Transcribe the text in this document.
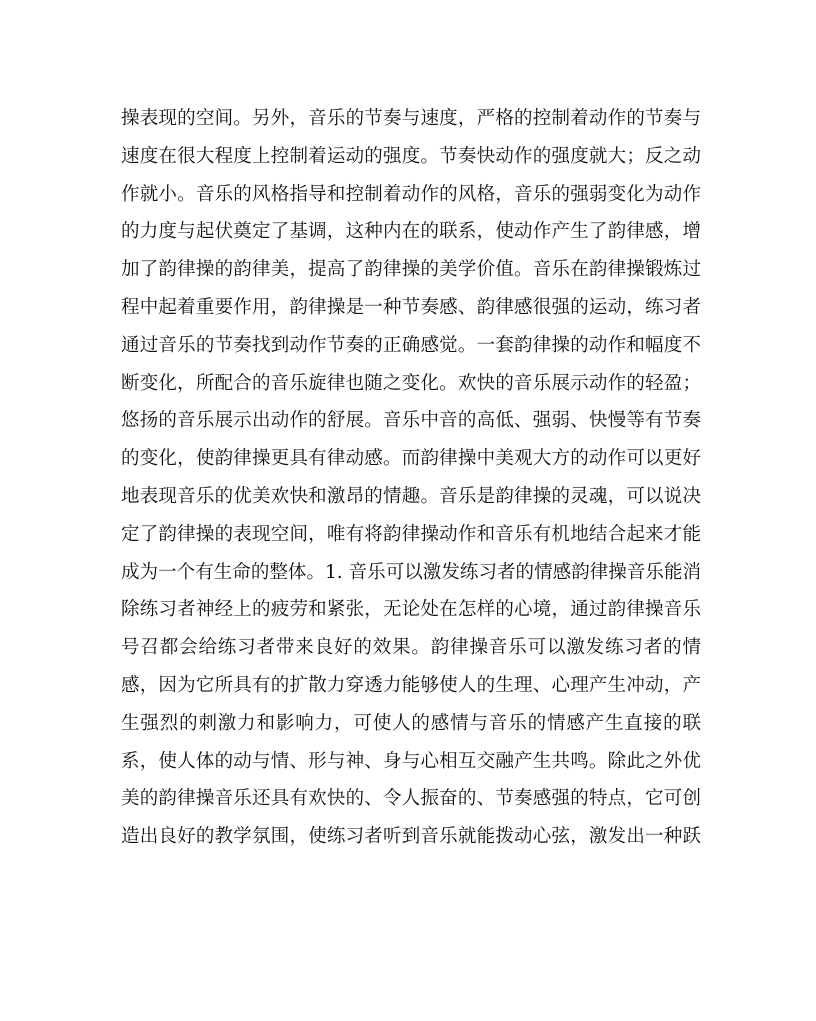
操表现的空间。另外，音乐的节奏与速度，严格的控制着动作的节奏与
速度在很大程度上控制着运动的强度。节奏快动作的强度就大；反之动
作就小。音乐的风格指导和控制着动作的风格，音乐的强弱变化为动作
的力度与起伏奠定了基调，这种内在的联系，使动作产生了韵律感，增
加了韵律操的韵律美，提高了韵律操的美学价值。音乐在韵律操锻炼过
程中起着重要作用，韵律操是一种节奏感、韵律感很强的运动，练习者
通过音乐的节奏找到动作节奏的正确感觉。一套韵律操的动作和幅度不
断变化，所配合的音乐旋律也随之变化。欢快的音乐展示动作的轻盈；
悠扬的音乐展示出动作的舒展。音乐中音的高低、强弱、快慢等有节奏
的变化，使韵律操更具有律动感。而韵律操中美观大方的动作可以更好
地表现音乐的优美欢快和激昂的情趣。音乐是韵律操的灵魂，可以说决
定了韵律操的表现空间，唯有将韵律操动作和音乐有机地结合起来才能
成为一个有生命的整体。1. 音乐可以激发练习者的情感韵律操音乐能消
除练习者神经上的疲劳和紧张，无论处在怎样的心境，通过韵律操音乐
号召都会给练习者带来良好的效果。韵律操音乐可以激发练习者的情
感，因为它所具有的扩散力穿透力能够使人的生理、心理产生冲动，产
生强烈的刺激力和影响力，可使人的感情与音乐的情感产生直接的联
系，使人体的动与情、形与神、身与心相互交融产生共鸣。除此之外优
美的韵律操音乐还具有欢快的、令人振奋的、节奏感强的特点，它可创
造出良好的教学氛围，使练习者听到音乐就能拨动心弦，激发出一种跃
